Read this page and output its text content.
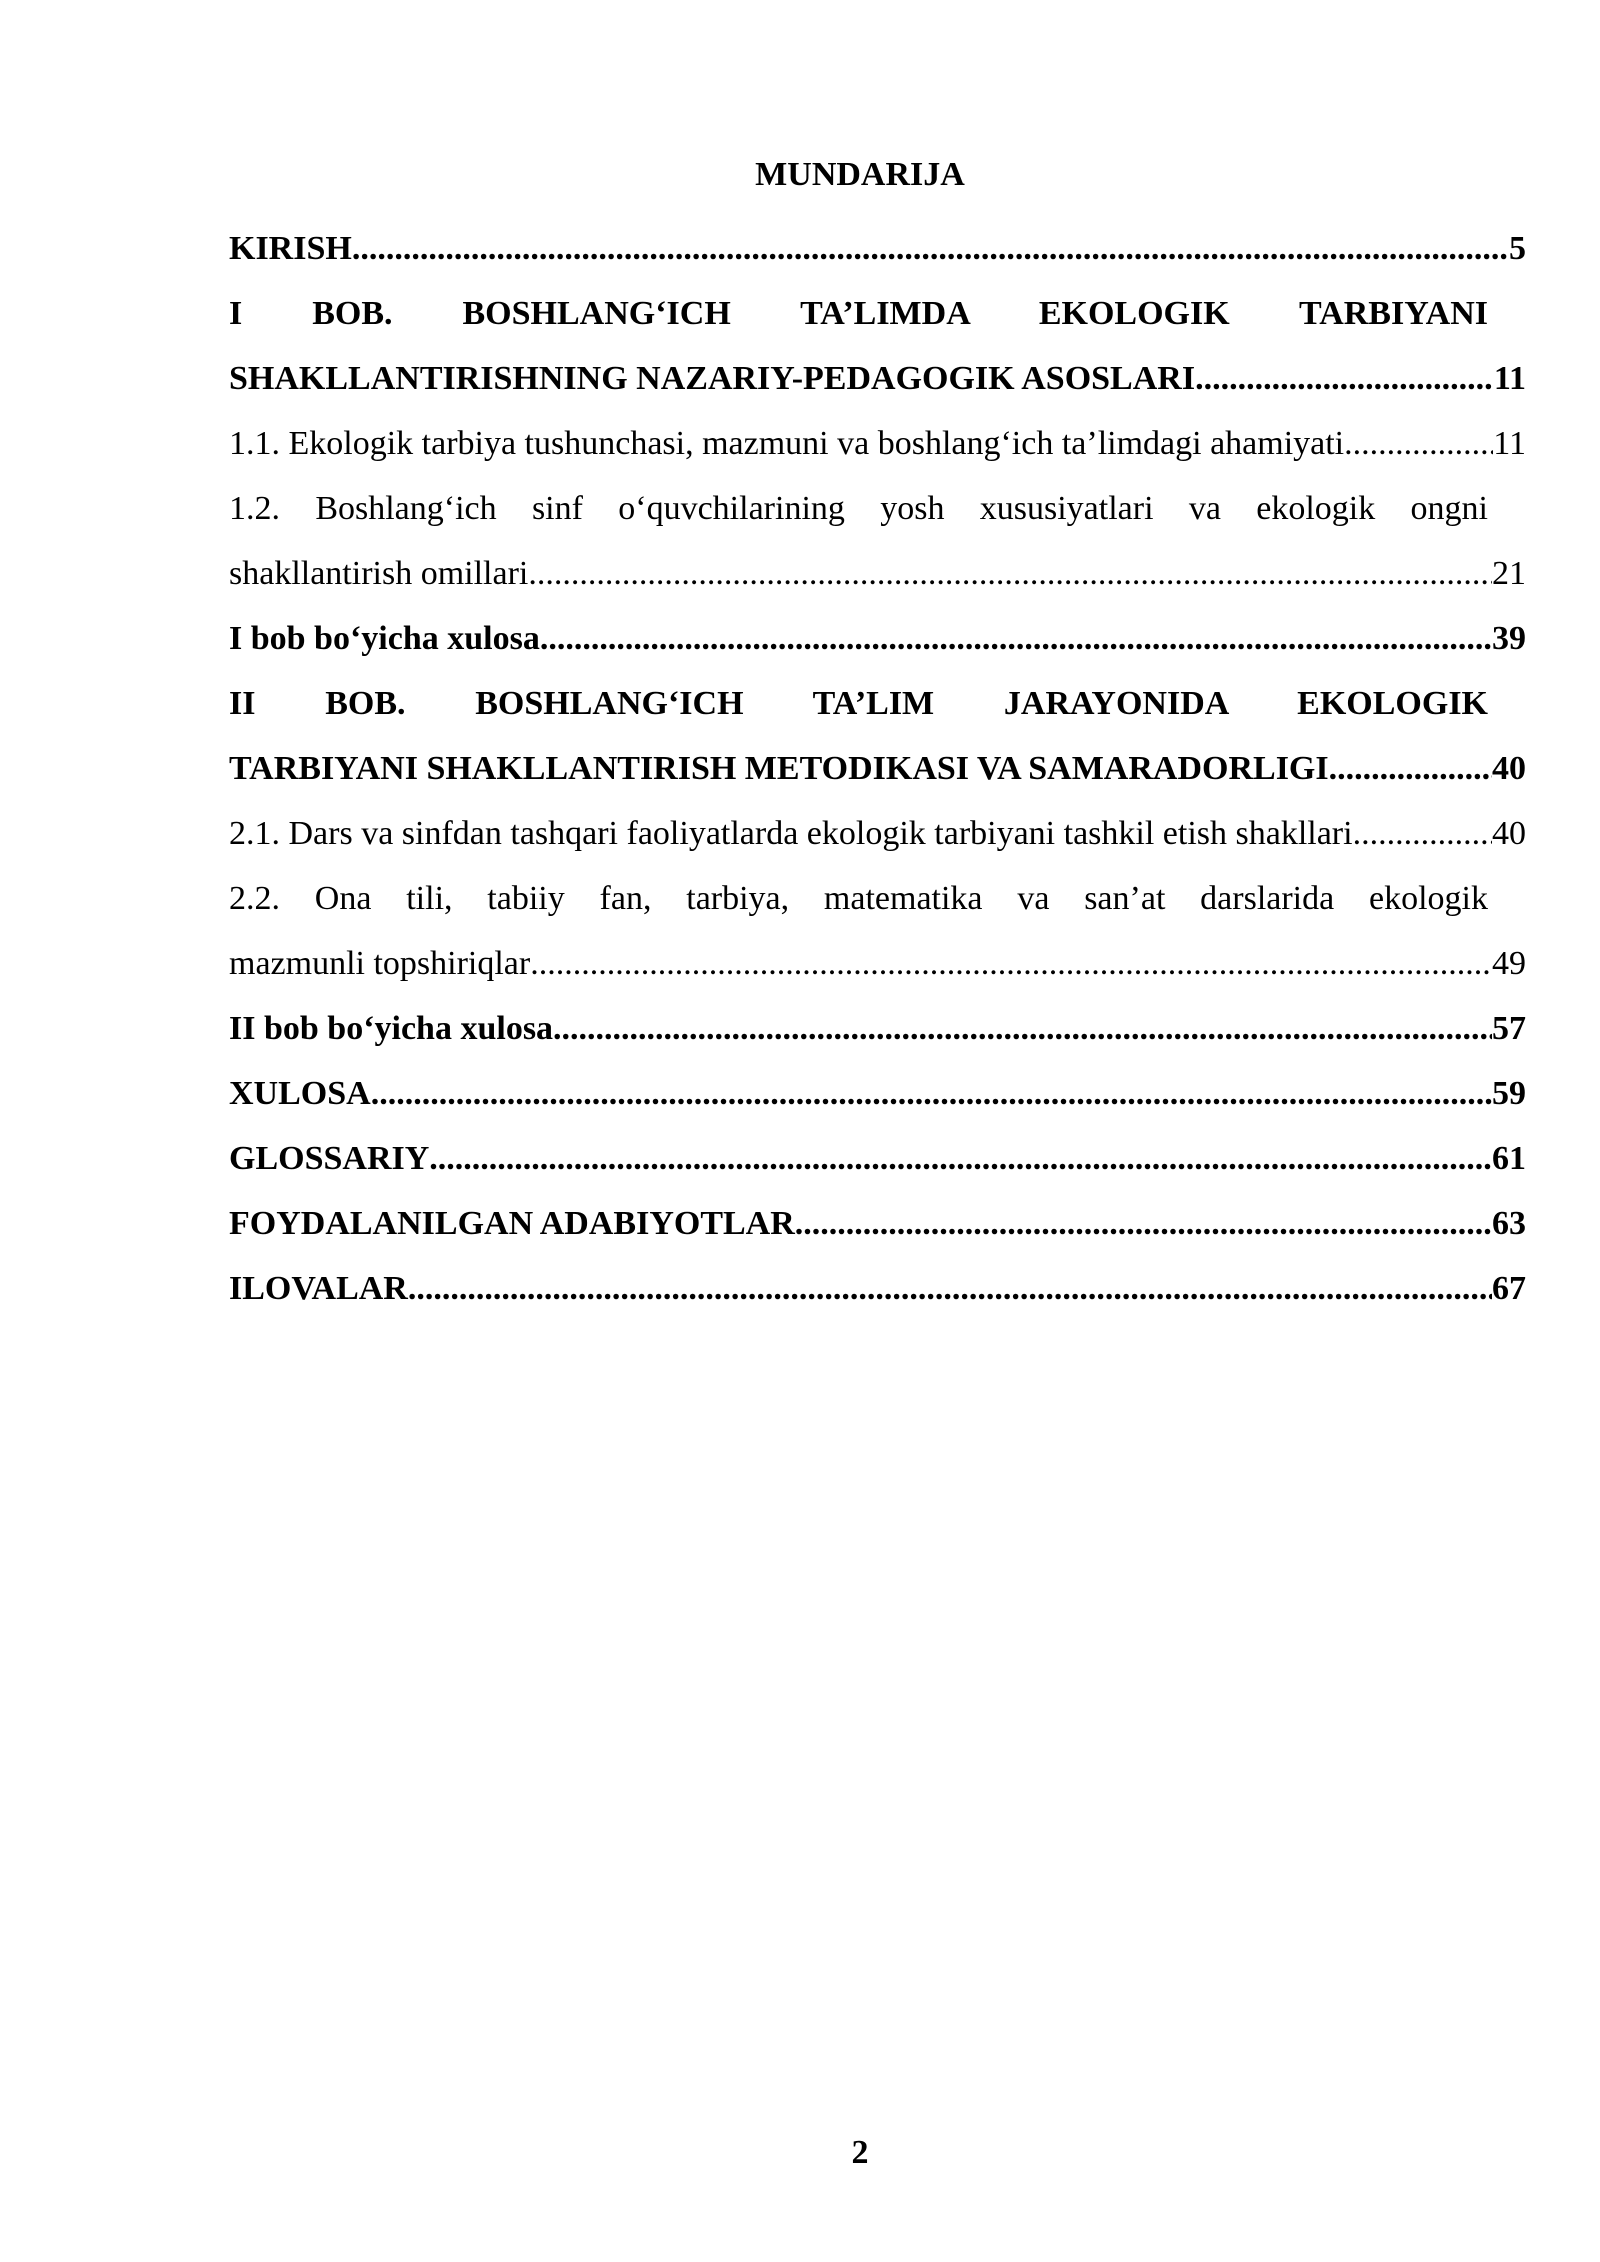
MUNDARIJA
KIRISH .....	5
I BOB. BOSHLANG‘ICH TA’LIMDA EKOLOGIK TARBIYANI
SHAKLLANTIRISHNING NAZARIY-PEDAGOGIK ASOSLARI .....	11
1.1. Ekologik tarbiya tushunchasi, mazmuni va boshlang‘ich ta’limdagi ahamiyati. .....	11
1.2. Boshlang‘ich sinf o‘quvchilarining yosh xususiyatlari va ekologik ongni
shakllantirish omillari .....	21
I bob bo‘yicha xulosa .....	39
II BOB. BOSHLANG‘ICH TA’LIM JARAYONIDA EKOLOGIK
TARBIYANI SHAKLLANTIRISH METODIKASI VA SAMARADORLIGI. .....	40
2.1. Dars va sinfdan tashqari faoliyatlarda ekologik tarbiyani tashkil etish shakllari. .....	40
2.2. Ona tili, tabiiy fan, tarbiya, matematika va san’at darslarida ekologik
mazmunli topshiriqlar .....	49
II bob bo‘yicha xulosa .....	57
XULOSA .....	59
GLOSSARIY .....	61
FOYDALANILGAN ADABIYOTLAR .....	63
ILOVALAR .....	67
2
